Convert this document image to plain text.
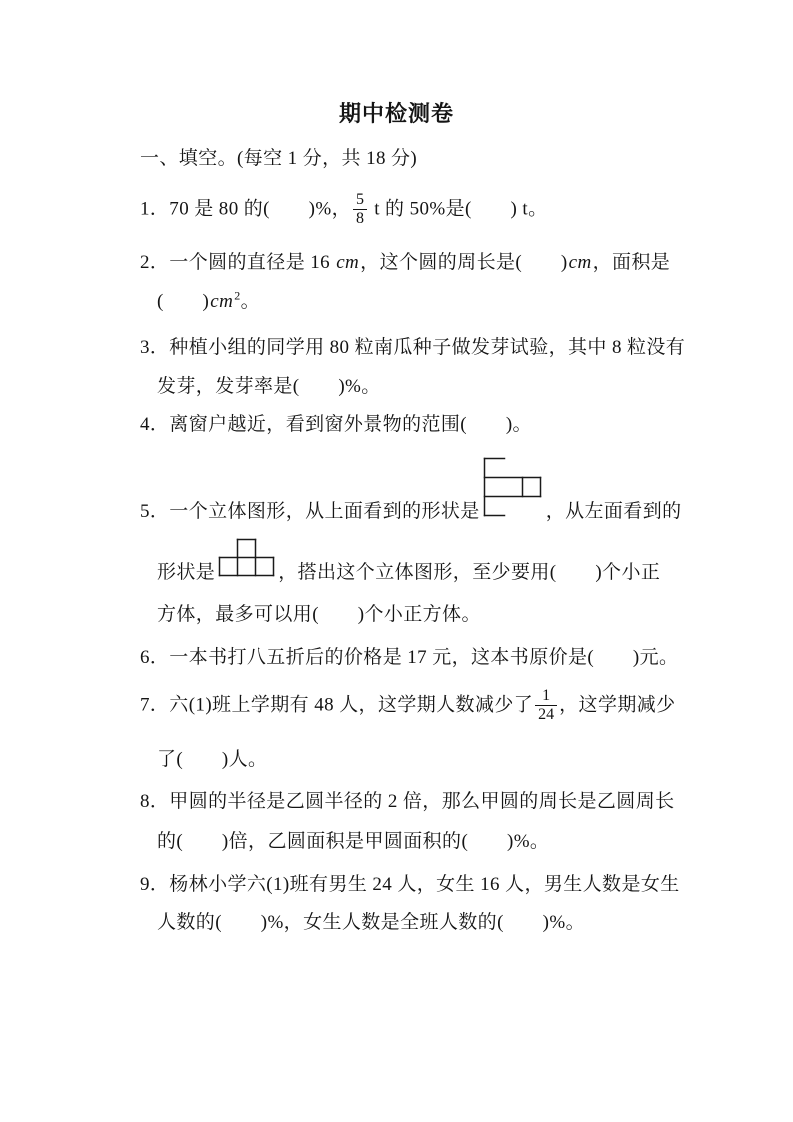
期中检测卷
一、填空。(每空 1 分，共 18 分)
1．70 是 80 的(　　)%， $\frac{5}{8}$ t 的 50%是(　　) t。
2．一个圆的直径是 16 cm，这个圆的周长是(　　)cm，面积是
(　　)$cm^2$。
3．种植小组的同学用 80 粒南瓜种子做发芽试验，其中 8 粒没有
发芽，发芽率是(　　)%。
4．离窗户越近，看到窗外景物的范围(　　)。
5．一个立体图形，从上面看到的形状是	，从左面看到的
形状是	，搭出这个立体图形，至少要用(　　)个小正
方体，最多可以用(　　)个小正方体。
6．一本书打八五折后的价格是 17 元，这本书原价是(　　)元。
7．六(1)班上学期有 48 人，这学期人数减少了 $\frac{1}{24}$ ，这学期减少
了(　　)人。
8．甲圆的半径是乙圆半径的 2 倍，那么甲圆的周长是乙圆周长
的(　　)倍，乙圆面积是甲圆面积的(　　)%。
9．杨林小学六(1)班有男生 24 人，女生 16 人，男生人数是女生
人数的(　　)%，女生人数是全班人数的(　　)%。
